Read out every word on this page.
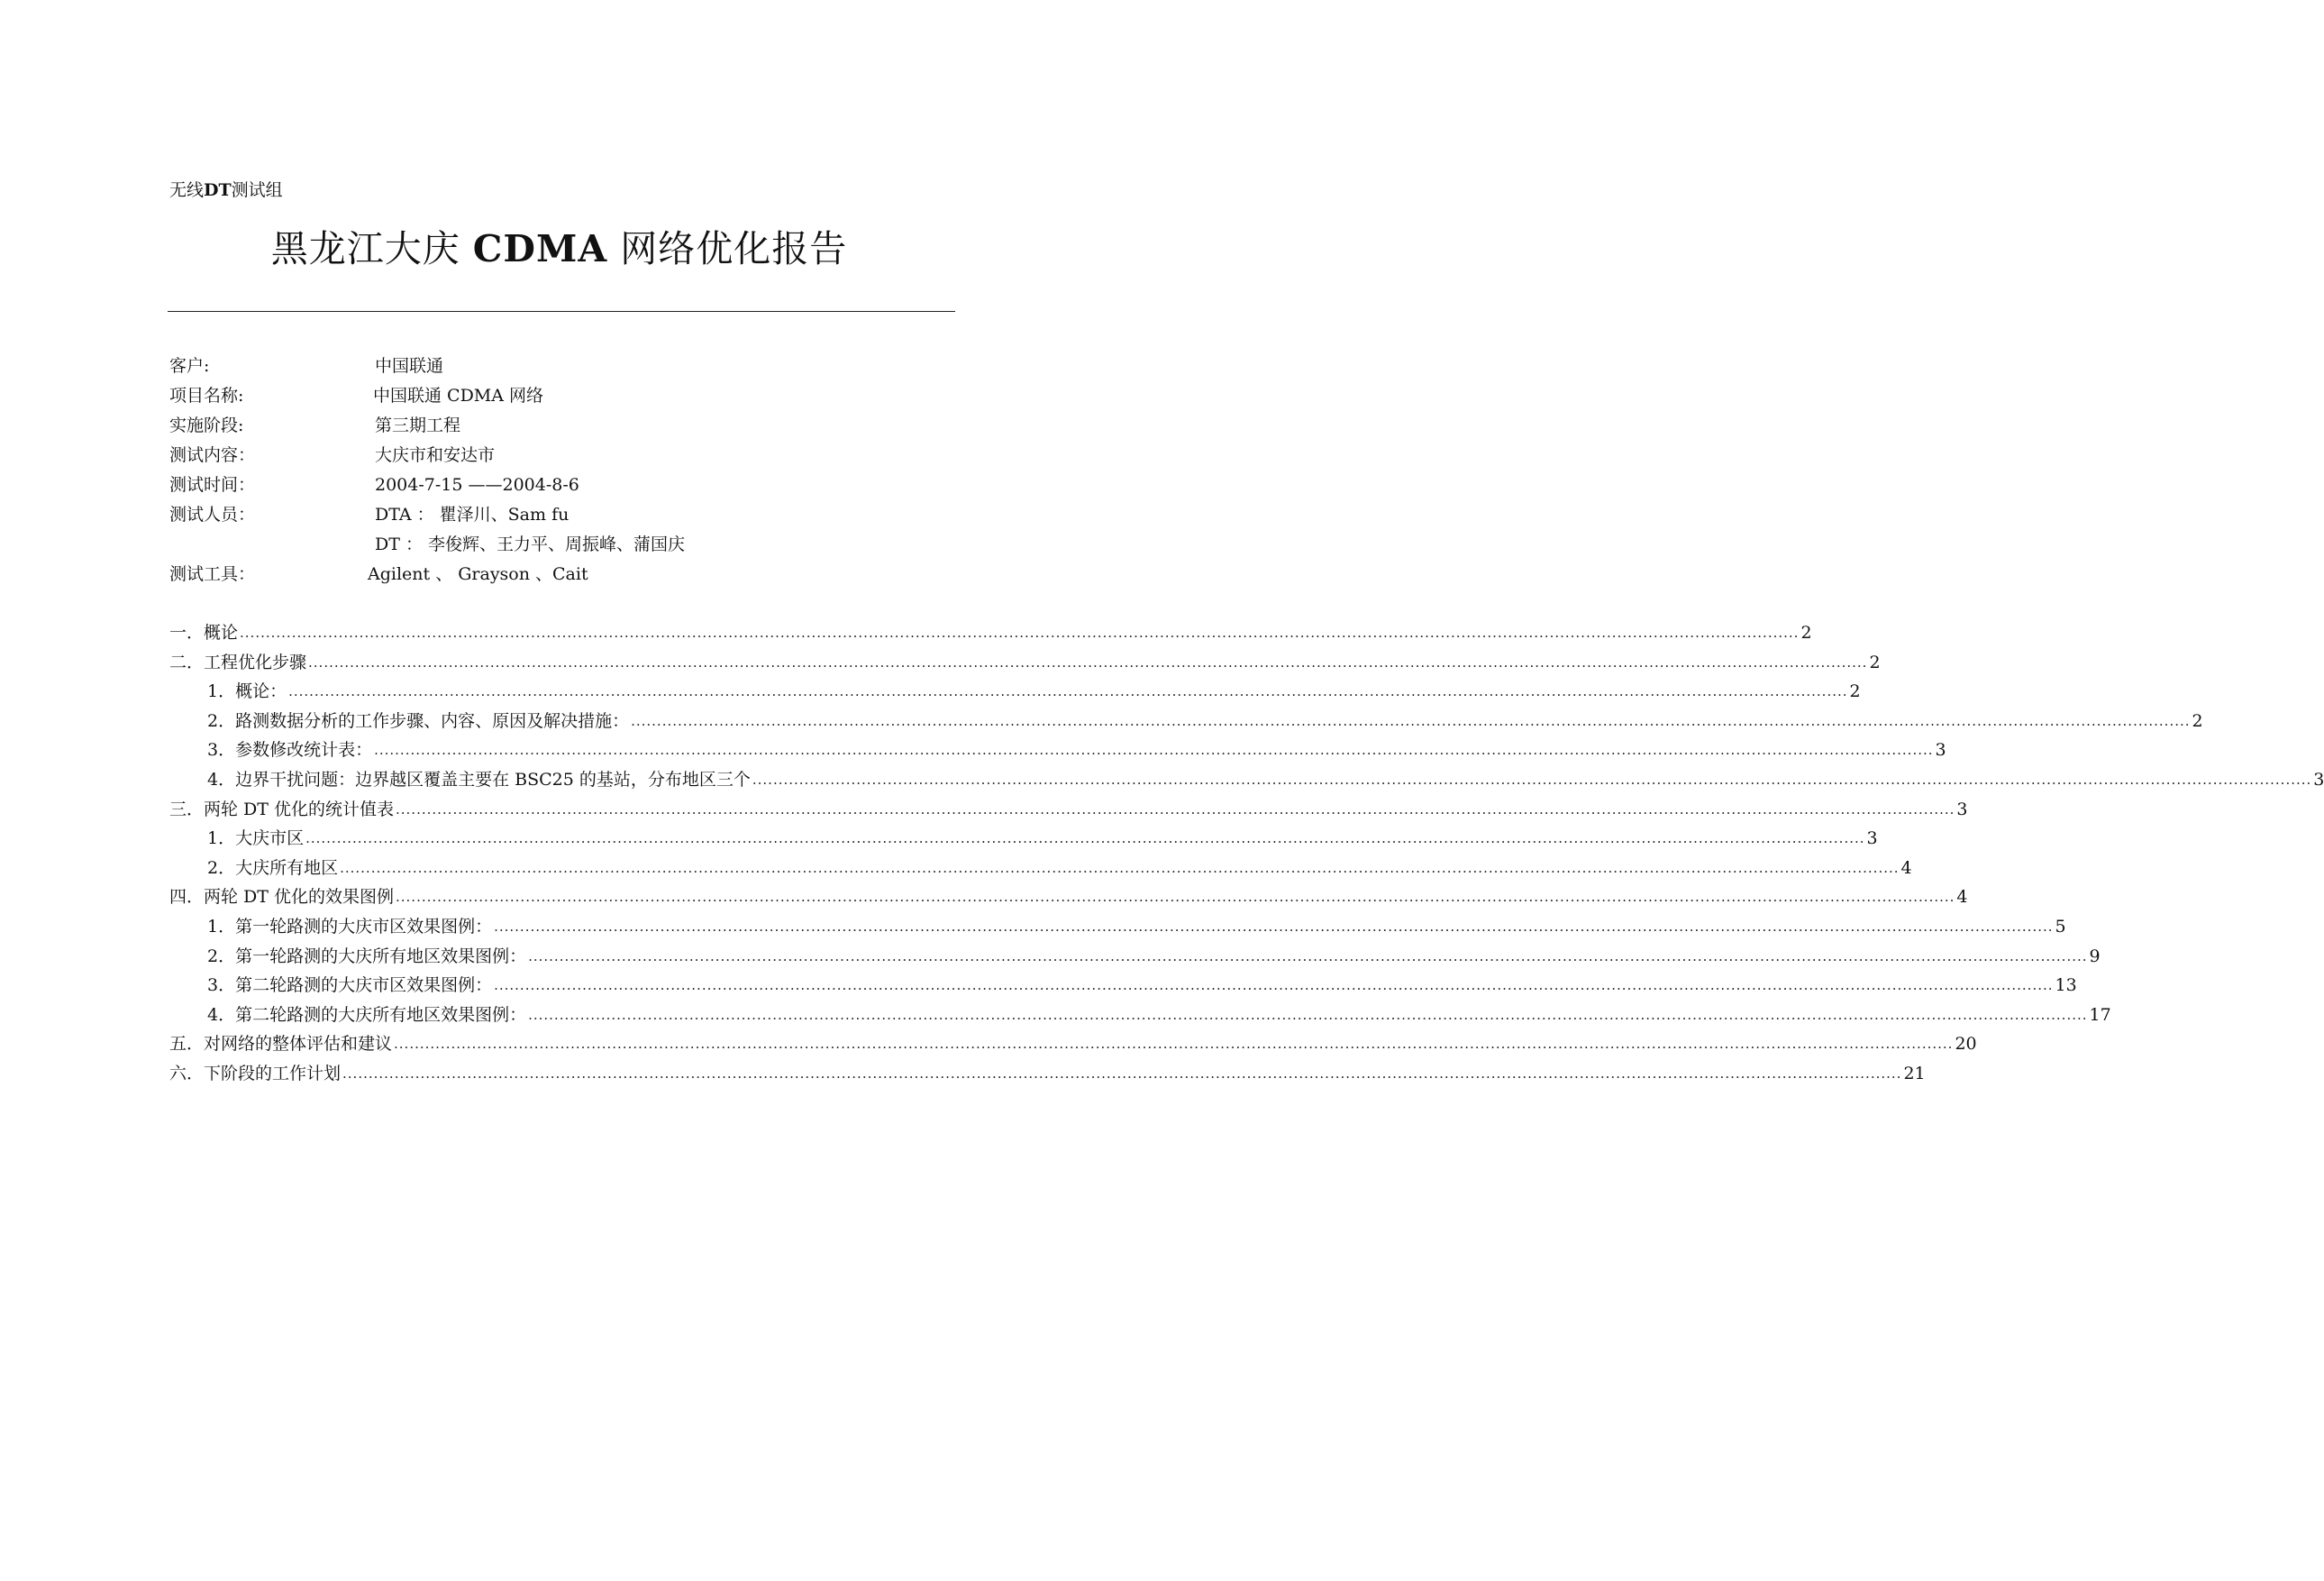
无线DT测试组
黑龙江大庆 CDMA 网络优化报告
客户:	中国联通
项目名称:	中国联通 CDMA 网络
实施阶段:	第三期工程
测试内容：	大庆市和安达市
测试时间：	2004-7-15 ——2004-8-6
测试人员：	DTA ： 瞿泽川、Sam fu
DT ： 李俊辉、王力平、周振峰、蒲国庆
测试工具：	Agilent 、 Grayson 、Cait
一．概论 ............................................................................................................................................................................................................................................................................................................ 2
二．工程优化步骤 ............................................................................................................................................................................................................................................................................................................ 2
1．概论： ............................................................................................................................................................................................................................................................................................................ 2
2．路测数据分析的工作步骤、内容、原因及解决措施： ............................................................................................................................................................................................................................................................................................................ 2
3．参数修改统计表： ............................................................................................................................................................................................................................................................................................................ 3
4．边界干扰问题：边界越区覆盖主要在 BSC25 的基站，分布地区三个 ............................................................................................................................................................................................................................................................................................................ 3
三．两轮 DT 优化的统计值表 ............................................................................................................................................................................................................................................................................................................ 3
1．大庆市区 ............................................................................................................................................................................................................................................................................................................ 3
2．大庆所有地区 ............................................................................................................................................................................................................................................................................................................ 4
四．两轮 DT 优化的效果图例 ............................................................................................................................................................................................................................................................................................................ 4
1．第一轮路测的大庆市区效果图例： ............................................................................................................................................................................................................................................................................................................ 5
2．第一轮路测的大庆所有地区效果图例： ............................................................................................................................................................................................................................................................................................................ 9
3．第二轮路测的大庆市区效果图例： ............................................................................................................................................................................................................................................................................................................ 13
4．第二轮路测的大庆所有地区效果图例： ............................................................................................................................................................................................................................................................................................................ 17
五．对网络的整体评估和建议 ............................................................................................................................................................................................................................................................................................................ 20
六．下阶段的工作计划 ............................................................................................................................................................................................................................................................................................................ 21
